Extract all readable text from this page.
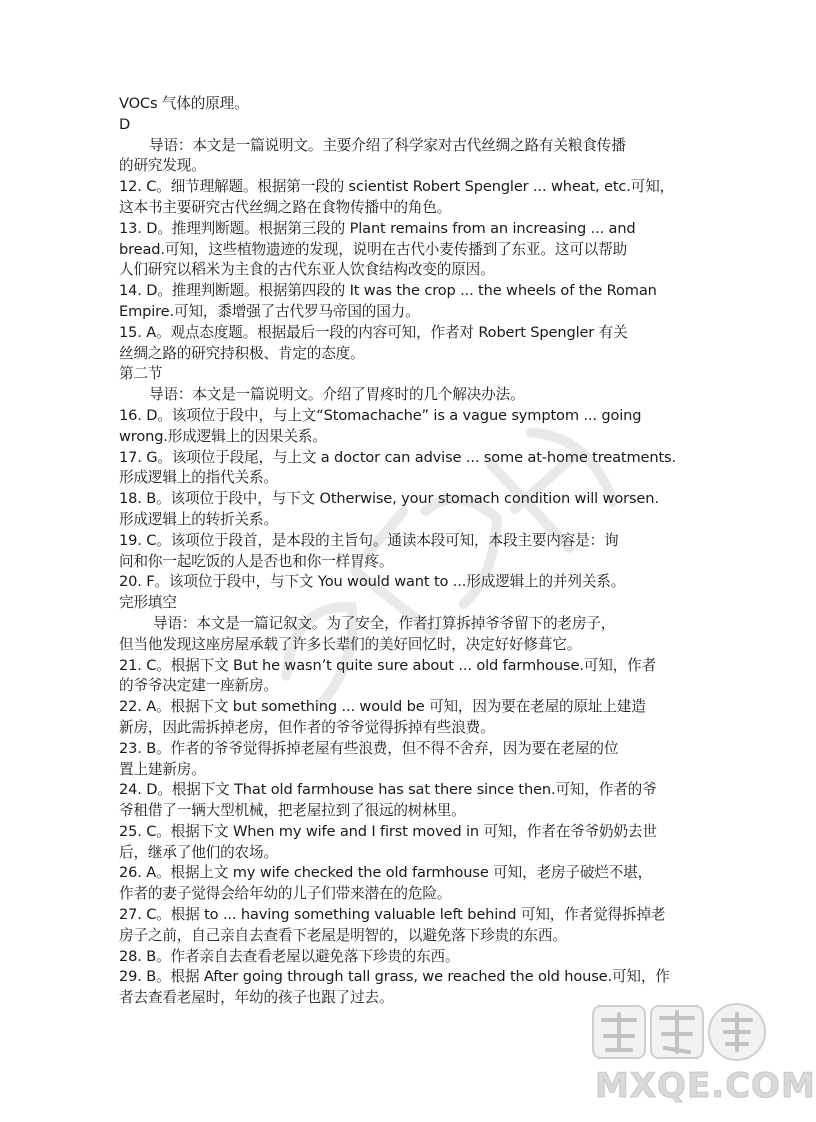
VOCs 气体的原理。
D
导语：本文是一篇说明文。主要介绍了科学家对古代丝绸之路有关粮食传播
的研究发现。
12. C。细节理解题。根据第一段的 scientist Robert Spengler ... wheat, etc.可知，
这本书主要研究古代丝绸之路在食物传播中的角色。
13. D。推理判断题。根据第三段的 Plant remains from an increasing ... and
bread.可知，这些植物遗迹的发现，说明在古代小麦传播到了东亚。这可以帮助
人们研究以稻米为主食的古代东亚人饮食结构改变的原因。
14. D。推理判断题。根据第四段的 It was the crop ... the wheels of the Roman
Empire.可知，黍增强了古代罗马帝国的国力。
15. A。观点态度题。根据最后一段的内容可知，作者对 Robert Spengler 有关
丝绸之路的研究持积极、肯定的态度。
第二节
导语：本文是一篇说明文。介绍了胃疼时的几个解决办法。
16. D。该项位于段中，与上文“Stomachache” is a vague symptom ... going
wrong.形成逻辑上的因果关系。
17. G。该项位于段尾，与上文 a doctor can advise ... some at-home treatments.
形成逻辑上的指代关系。
18. B。该项位于段中，与下文 Otherwise, your stomach condition will worsen.
形成逻辑上的转折关系。
19. C。该项位于段首，是本段的主旨句。通读本段可知，本段主要内容是：询
问和你一起吃饭的人是否也和你一样胃疼。
20. F。该项位于段中，与下文 You would want to ...形成逻辑上的并列关系。
完形填空
导语：本文是一篇记叙文。为了安全，作者打算拆掉爷爷留下的老房子，
但当他发现这座房屋承载了许多长辈们的美好回忆时，决定好好修葺它。
21. C。根据下文 But he wasn’t quite sure about ... old farmhouse.可知，作者
的爷爷决定建一座新房。
22. A。根据下文 but something ... would be 可知，因为要在老屋的原址上建造
新房，因此需拆掉老房，但作者的爷爷觉得拆掉有些浪费。
23. B。作者的爷爷觉得拆掉老屋有些浪费，但不得不舍弃，因为要在老屋的位
置上建新房。
24. D。根据下文 That old farmhouse has sat there since then.可知，作者的爷
爷租借了一辆大型机械，把老屋拉到了很远的树林里。
25. C。根据下文 When my wife and I first moved in 可知，作者在爷爷奶奶去世
后，继承了他们的农场。
26. A。根据上文 my wife checked the old farmhouse 可知，老房子破烂不堪，
作者的妻子觉得会给年幼的儿子们带来潜在的危险。
27. C。根据 to ... having something valuable left behind 可知，作者觉得拆掉老
房子之前，自己亲自去查看下老屋是明智的，以避免落下珍贵的东西。
28. B。作者亲自去查看老屋以避免落下珍贵的东西。
29. B。根据 After going through tall grass, we reached the old house.可知，作
者去查看老屋时，年幼的孩子也跟了过去。
MXQE.COM
